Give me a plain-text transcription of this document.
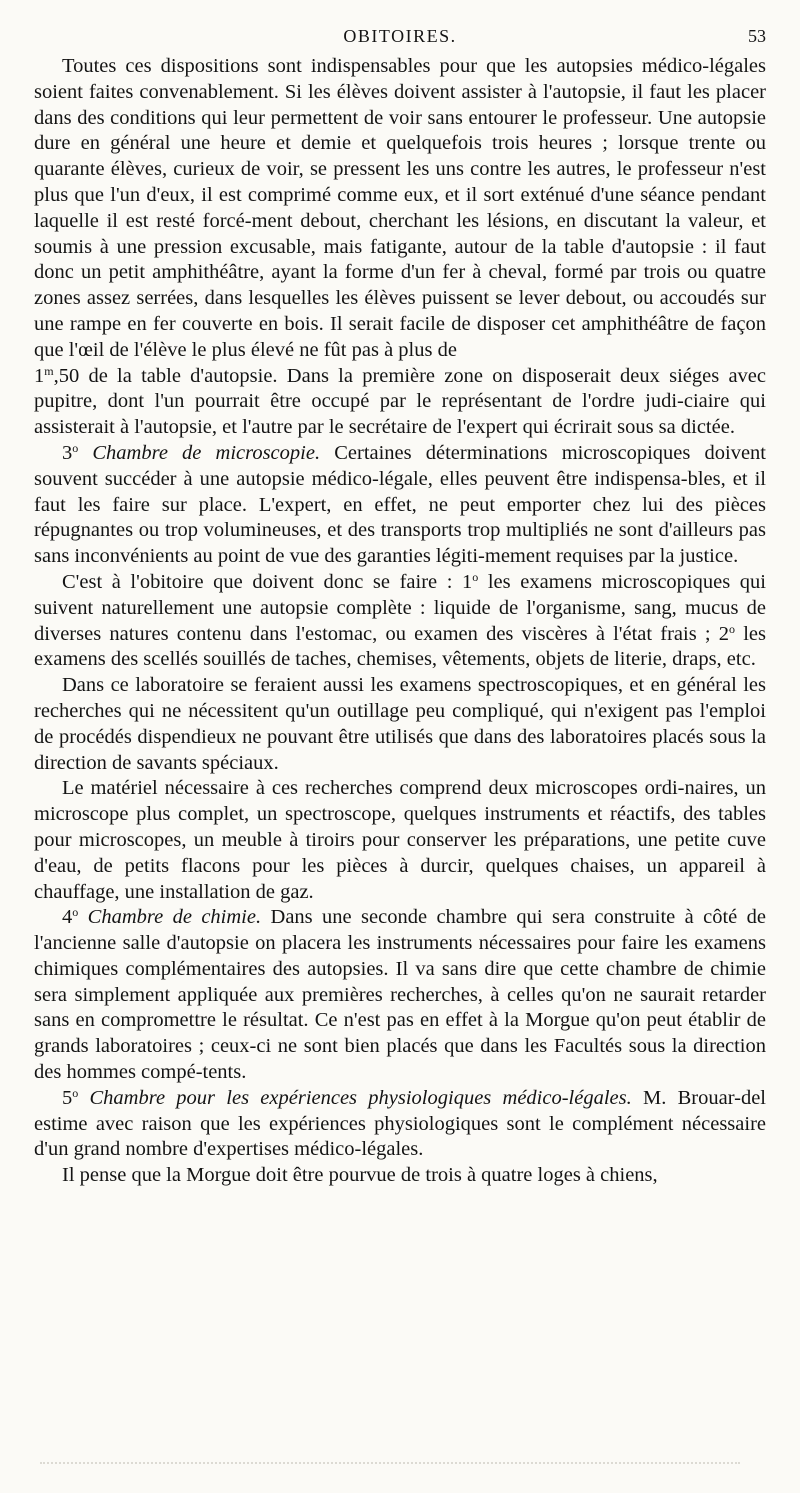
OBITOIRES.	53

Toutes ces dispositions sont indispensables pour que les autopsies médico-légales soient faites convenablement. Si les élèves doivent assister à l'autopsie, il faut les placer dans des conditions qui leur permettent de voir sans entourer le professeur. Une autopsie dure en général une heure et demie et quelquefois trois heures ; lorsque trente ou quarante élèves, curieux de voir, se pressent les uns contre les autres, le professeur n'est plus que l'un d'eux, il est comprimé comme eux, et il sort exténué d'une séance pendant laquelle il est resté forcé-ment debout, cherchant les lésions, en discutant la valeur, et soumis à une pression excusable, mais fatigante, autour de la table d'autopsie : il faut donc un petit amphithéâtre, ayant la forme d'un fer à cheval, formé par trois ou quatre zones assez serrées, dans lesquelles les élèves puissent se lever debout, ou accoudés sur une rampe en fer couverte en bois. Il serait facile de disposer cet amphithéâtre de façon que l'œil de l'élève le plus élevé ne fût pas à plus de

1$^m$,50 de la table d'autopsie. Dans la première zone on disposerait deux siéges avec pupitre, dont l'un pourrait être occupé par le représentant de l'ordre judi-ciaire qui assisterait à l'autopsie, et l'autre par le secrétaire de l'expert qui écrirait sous sa dictée.

3$^o$ Chambre de microscopie. Certaines déterminations microscopiques doivent souvent succéder à une autopsie médico-légale, elles peuvent être indispensa-bles, et il faut les faire sur place. L'expert, en effet, ne peut emporter chez lui des pièces répugnantes ou trop volumineuses, et des transports trop multipliés ne sont d'ailleurs pas sans inconvénients au point de vue des garanties légiti-mement requises par la justice.

C'est à l'obitoire que doivent donc se faire : 1$^o$ les examens microscopiques qui suivent naturellement une autopsie complète : liquide de l'organisme, sang, mucus de diverses natures contenu dans l'estomac, ou examen des viscères à l'état frais ; 2$^o$ les examens des scellés souillés de taches, chemises, vêtements, objets de literie, draps, etc.

Dans ce laboratoire se feraient aussi les examens spectroscopiques, et en général les recherches qui ne nécessitent qu'un outillage peu compliqué, qui n'exigent pas l'emploi de procédés dispendieux ne pouvant être utilisés que dans des laboratoires placés sous la direction de savants spéciaux.

Le matériel nécessaire à ces recherches comprend deux microscopes ordi-naires, un microscope plus complet, un spectroscope, quelques instruments et réactifs, des tables pour microscopes, un meuble à tiroirs pour conserver les préparations, une petite cuve d'eau, de petits flacons pour les pièces à durcir, quelques chaises, un appareil à chauffage, une installation de gaz.

4$^o$ Chambre de chimie. Dans une seconde chambre qui sera construite à côté de l'ancienne salle d'autopsie on placera les instruments nécessaires pour faire les examens chimiques complémentaires des autopsies. Il va sans dire que cette chambre de chimie sera simplement appliquée aux premières recherches, à celles qu'on ne saurait retarder sans en compromettre le résultat. Ce n'est pas en effet à la Morgue qu'on peut établir de grands laboratoires ; ceux-ci ne sont bien placés que dans les Facultés sous la direction des hommes compé-tents.

5$^o$ Chambre pour les expériences physiologiques médico-légales. M. Brouar-del estime avec raison que les expériences physiologiques sont le complément nécessaire d'un grand nombre d'expertises médico-légales.

Il pense que la Morgue doit être pourvue de trois à quatre loges à chiens,
